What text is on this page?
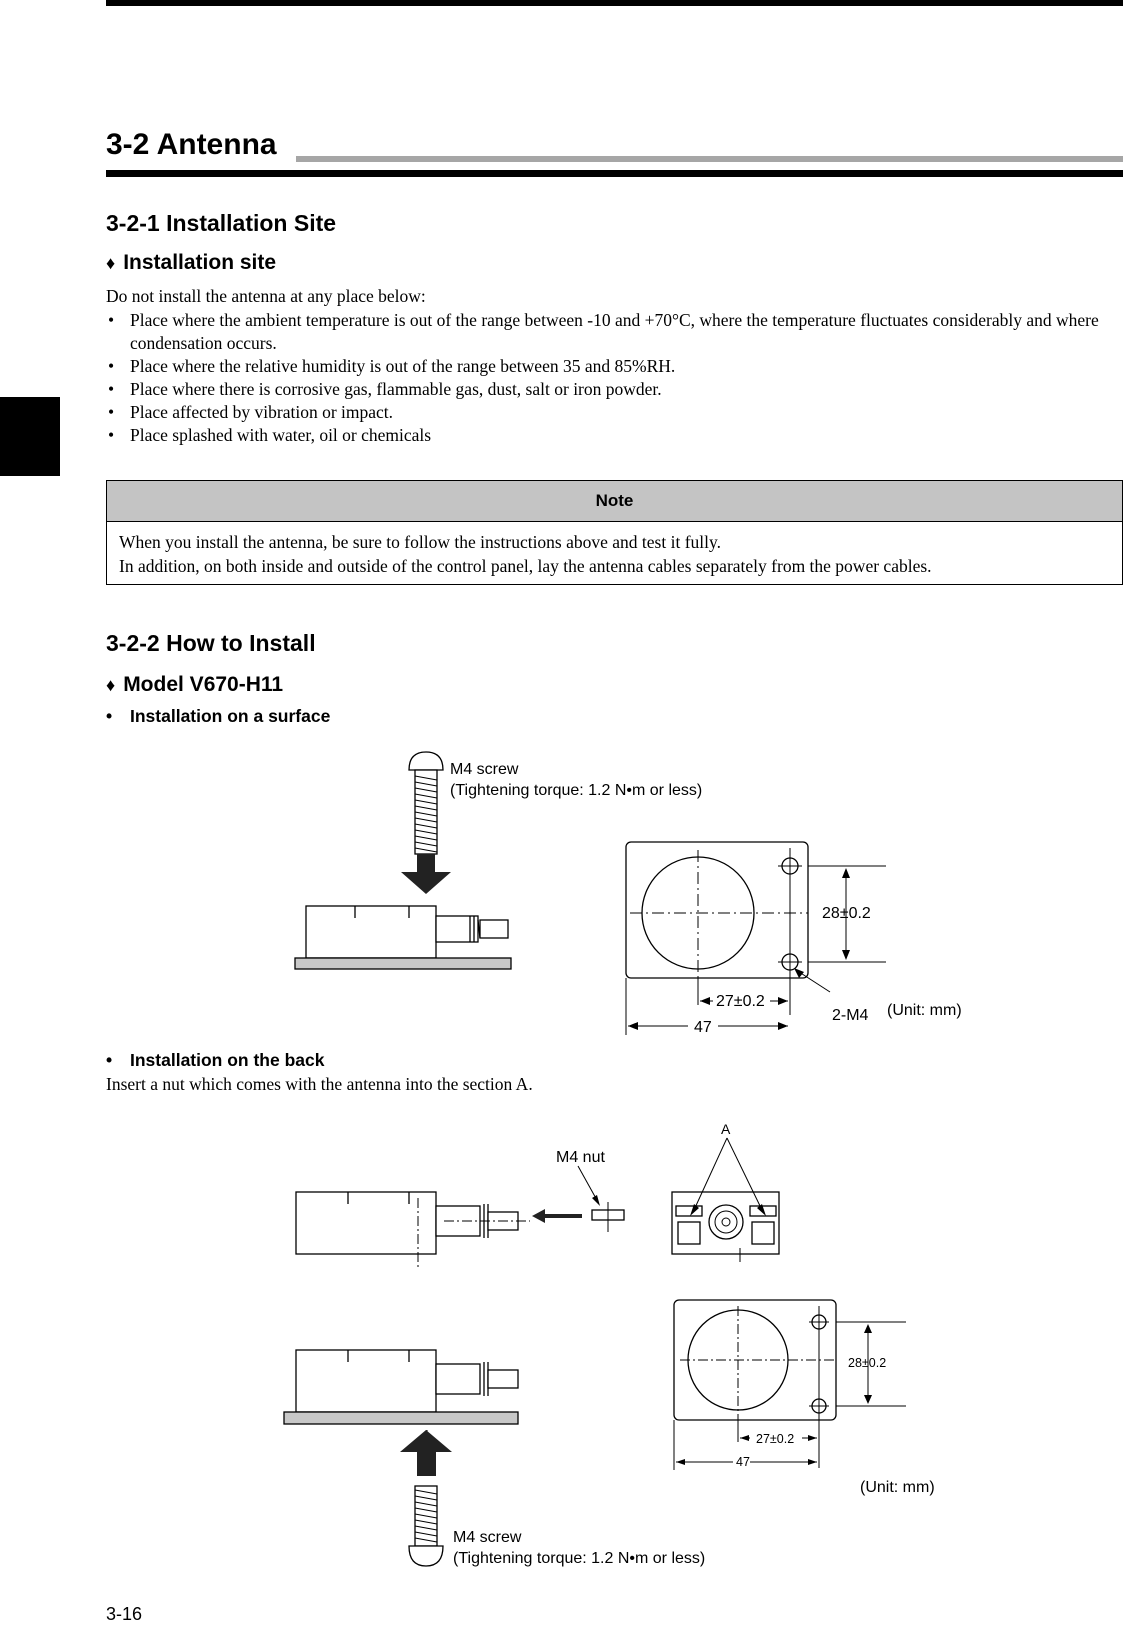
3-2 Antenna
3-2-1 Installation Site
♦ Installation site
Do not install the antenna at any place below:
• Place where the ambient temperature is out of the range between -10 and +70°C, where the temperature fluctuates considerably and where condensation occurs.
• Place where the relative humidity is out of the range between 35 and 85%RH.
• Place where there is corrosive gas, flammable gas, dust, salt or iron powder.
• Place affected by vibration or impact.
• Place splashed with water, oil or chemicals
Note
When you install the antenna, be sure to follow the instructions above and test it fully.
In addition, on both inside and outside of the control panel, lay the antenna cables separately from the power cables.
3-2-2 How to Install
♦ Model V670-H11
• Installation on a surface
M4 screw
(Tightening torque: 1.2 N•m or less)
28±0.2
27±0.2
47
2-M4 (Unit: mm)
• Installation on the back
Insert a nut which comes with the antenna into the section A.
M4 nut
A
28±0.2
27±0.2
47
(Unit: mm)
M4 screw
(Tightening torque: 1.2 N•m or less)
3-16
